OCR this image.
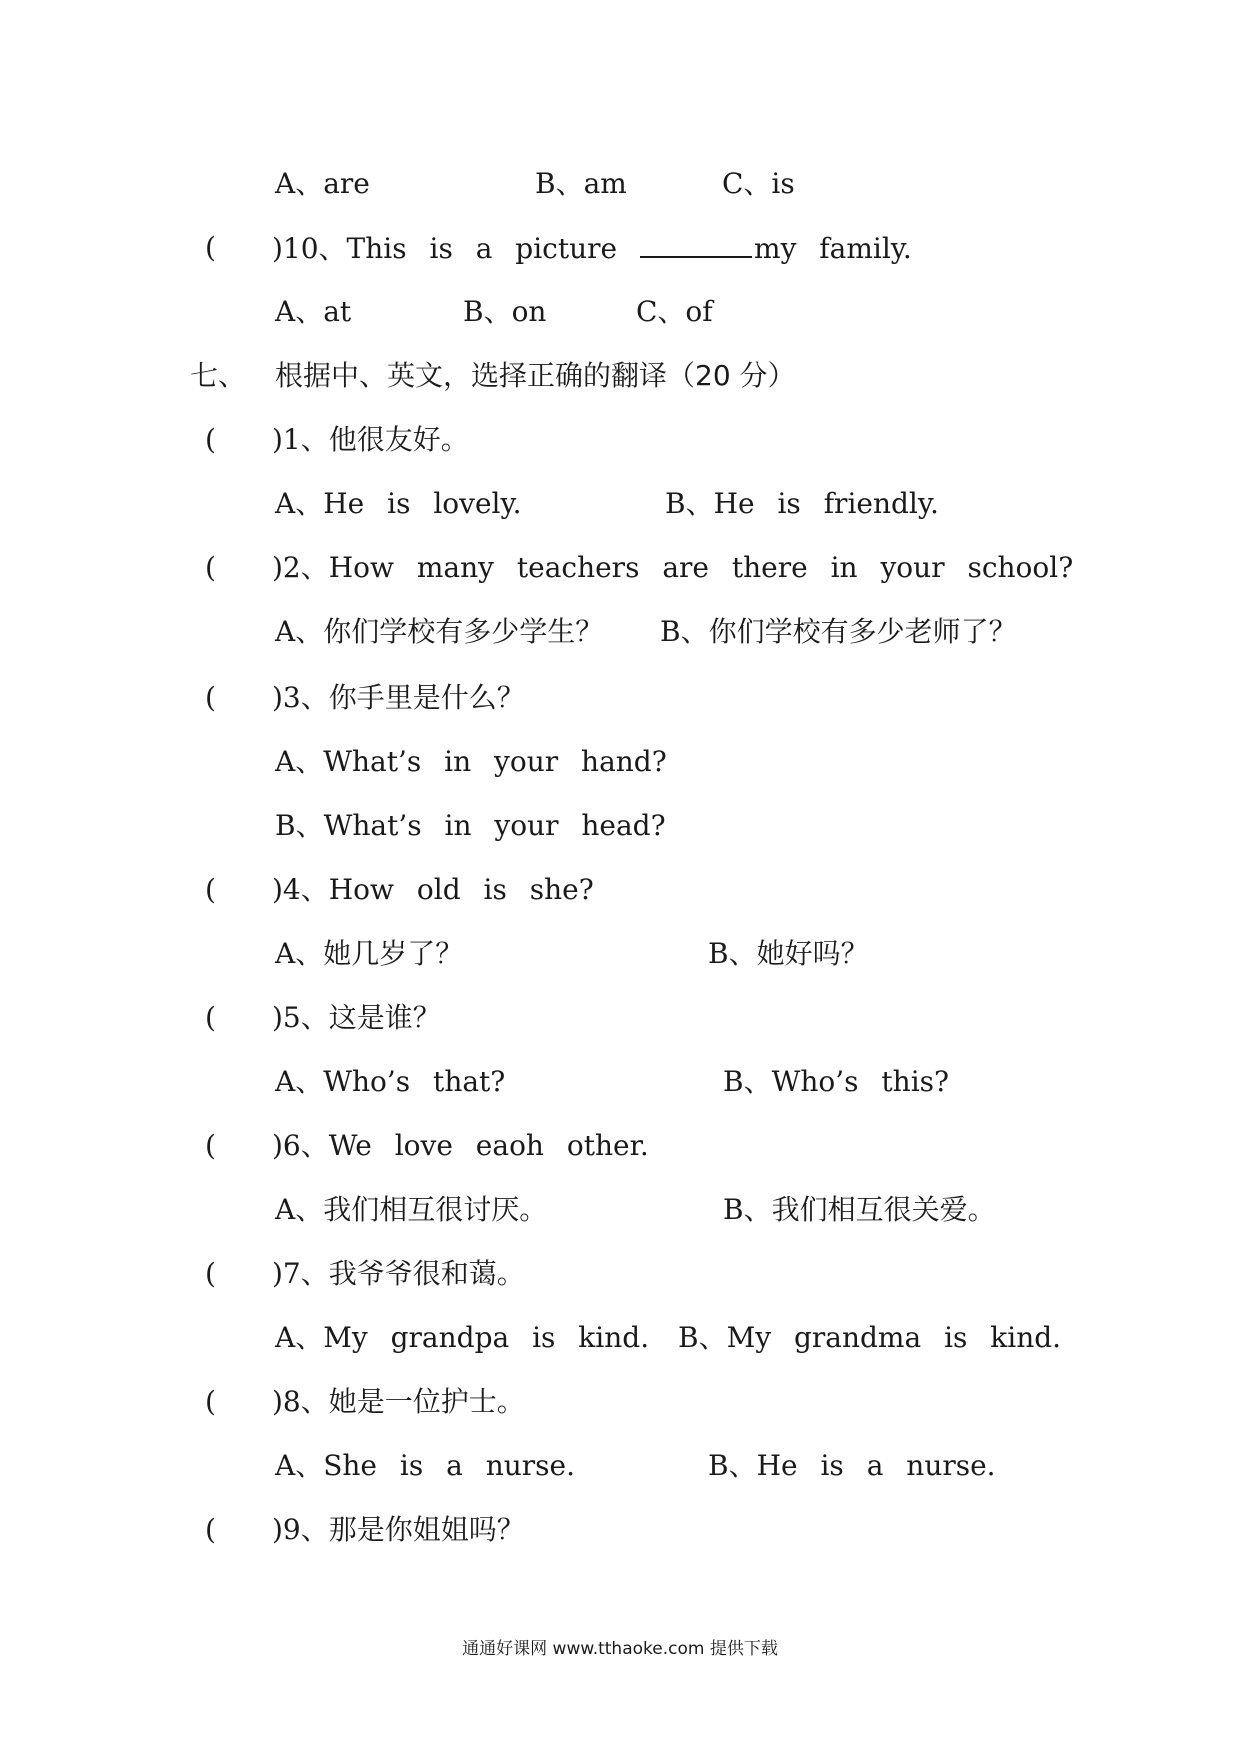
A、are	B、am	C、is
( )10、This is a picture	my family.
A、at	B、on	C、of
七、 根据中、英文，选择正确的翻译（20 分）
( )1、他很友好。
A、He is lovely.	B、He is friendly.
( )2、How many teachers are there in your school?
A、你们学校有多少学生？ B、你们学校有多少老师了？
( )3、你手里是什么？
A、What’s in your hand?
B、What’s in your head?
( )4、How old is she?
A、她几岁了？	B、她好吗？
( )5、这是谁？
A、Who’s that?	B、Who’s this?
( )6、We love eaoh other.
A、我们相互很讨厌。	B、我们相互很关爱。
( )7、我爷爷很和蔼。
A、My grandpa is kind. B、My grandma is kind.
( )8、她是一位护士。
A、She is a nurse.	B、He is a nurse.
( )9、那是你姐姐吗？
通通好课网 www.tthaoke.com 提供下载
